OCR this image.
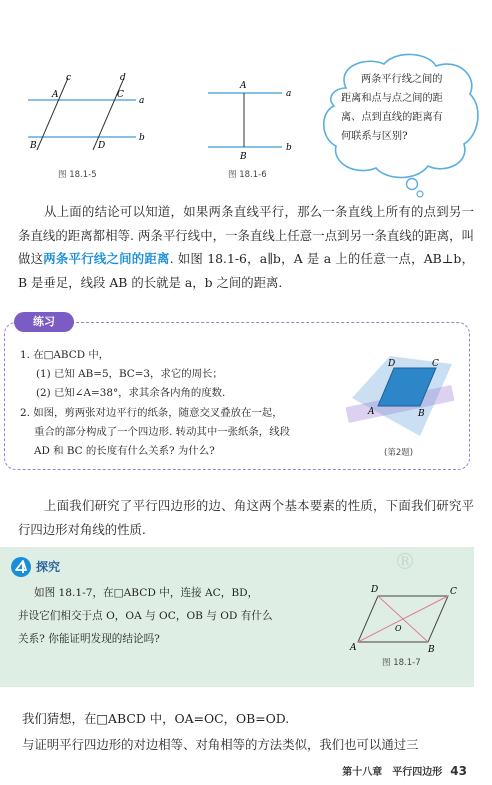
c	d
a
b
A	C
B	D
图 18.1-5
A
B
a
b
图 18.1-6
两条平行线之间的距离和点与点之间的距离、点到直线的距离有何联系与区别?

从上面的结论可以知道，如果两条直线平行，那么一条直线上所有的点到另一条直线的距离都相等. 两条平行线中，一条直线上任意一点到另一条直线的距离，叫做这两条平行线之间的距离. 如图 18.1-6，a∥b，A 是 a 上的任意一点，AB⊥b，B 是垂足，线段 AB 的长就是 a，b 之间的距离.

练习
1. 在□ABCD 中，
(1) 已知 AB=5，BC=3，求它的周长；
(2) 已知∠A=38°，求其余各内角的度数.
2. 如图，剪两张对边平行的纸条，随意交叉叠放在一起，
重合的部分构成了一个四边形. 转动其中一张纸条，线段
AD 和 BC 的长度有什么关系? 为什么?
D	C
A	B
(第2题)

上面我们研究了平行四边形的边、角这两个基本要素的性质，下面我们研究平行四边形对角线的性质.

®
探究
如图 18.1-7，在□ABCD 中，连接 AC，BD，
并设它们相交于点 O，OA 与 OC，OB 与 OD 有什么
关系? 你能证明发现的结论吗?
D	C
A	B
O
图 18.1-7
我们猜想，在□ABCD 中，OA=OC，OB=OD.
与证明平行四边形的对边相等、对角相等的方法类似，我们也可以通过三
第十八章　平行四边形 43
